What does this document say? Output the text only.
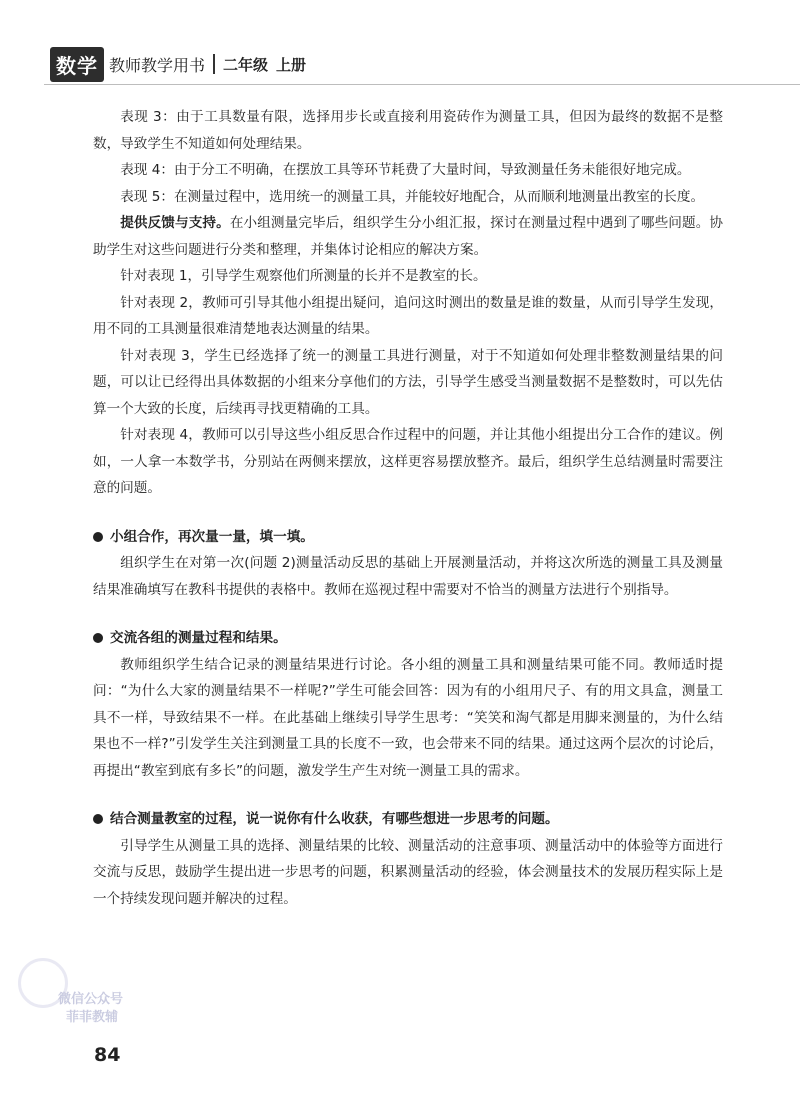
数学 教师教学用书 二年级 上册

表现 3：由于工具数量有限，选择用步长或直接利用瓷砖作为测量工具，但因为最终的数据不是整数，导致学生不知道如何处理结果。

表现 4：由于分工不明确，在摆放工具等环节耗费了大量时间，导致测量任务未能很好地完成。

表现 5：在测量过程中，选用统一的测量工具，并能较好地配合，从而顺利地测量出教室的长度。

提供反馈与支持。在小组测量完毕后，组织学生分小组汇报，探讨在测量过程中遇到了哪些问题。协助学生对这些问题进行分类和整理，并集体讨论相应的解决方案。

针对表现 1，引导学生观察他们所测量的长并不是教室的长。

针对表现 2，教师可引导其他小组提出疑问，追问这时测出的数量是谁的数量，从而引导学生发现，用不同的工具测量很难清楚地表达测量的结果。

针对表现 3，学生已经选择了统一的测量工具进行测量，对于不知道如何处理非整数测量结果的问题，可以让已经得出具体数据的小组来分享他们的方法，引导学生感受当测量数据不是整数时，可以先估算一个大致的长度，后续再寻找更精确的工具。

针对表现 4，教师可以引导这些小组反思合作过程中的问题，并让其他小组提出分工合作的建议。例如，一人拿一本数学书，分别站在两侧来摆放，这样更容易摆放整齐。最后，组织学生总结测量时需要注意的问题。

小组合作，再次量一量，填一填。

组织学生在对第一次(问题 2)测量活动反思的基础上开展测量活动，并将这次所选的测量工具及测量结果准确填写在教科书提供的表格中。教师在巡视过程中需要对不恰当的测量方法进行个别指导。

交流各组的测量过程和结果。

教师组织学生结合记录的测量结果进行讨论。各小组的测量工具和测量结果可能不同。教师适时提问：“为什么大家的测量结果不一样呢?”学生可能会回答：因为有的小组用尺子、有的用文具盒，测量工具不一样，导致结果不一样。在此基础上继续引导学生思考：“笑笑和淘气都是用脚来测量的，为什么结果也不一样?”引发学生关注到测量工具的长度不一致，也会带来不同的结果。通过这两个层次的讨论后，再提出“教室到底有多长”的问题，激发学生产生对统一测量工具的需求。

结合测量教室的过程，说一说你有什么收获，有哪些想进一步思考的问题。

引导学生从测量工具的选择、测量结果的比较、测量活动的注意事项、测量活动中的体验等方面进行交流与反思，鼓励学生提出进一步思考的问题，积累测量活动的经验，体会测量技术的发展历程实际上是一个持续发现问题并解决的过程。

微信公众号
菲菲教辅
84
